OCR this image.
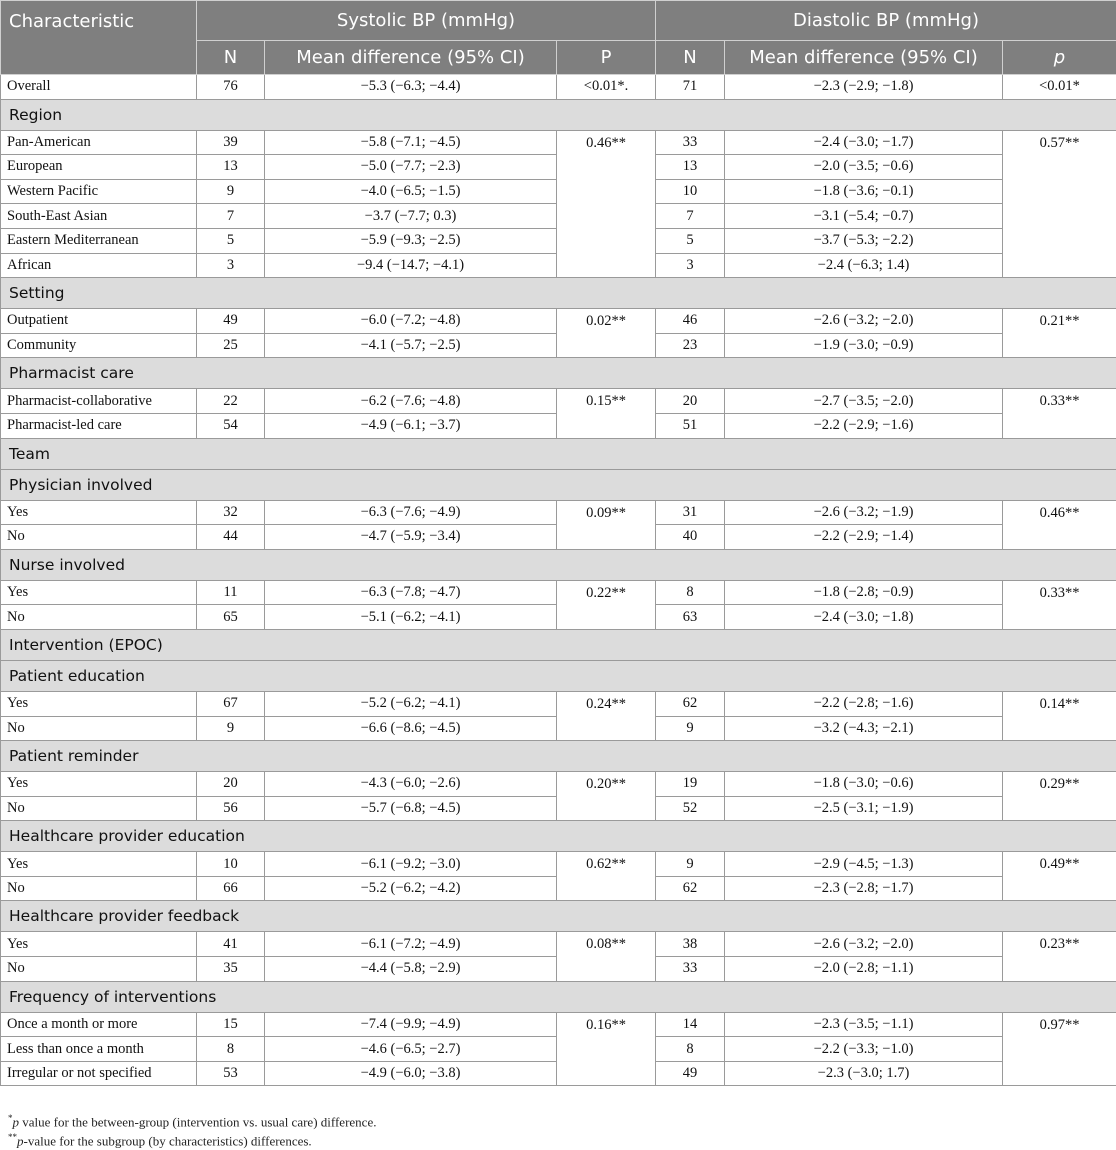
Characteristic	Systolic BP (mmHg)			Diastolic BP (mmHg)		
	N	Mean difference (95% CI)	P	N	Mean difference (95% CI)	p
Overall	76	−5.3 (−6.3; −4.4)	<0.01*.	71	−2.3 (−2.9; −1.8)	<0.01*
Region						
Pan-American	39	−5.8 (−7.1; −4.5)	0.46**	33	−2.4 (−3.0; −1.7)	0.57**
European	13	−5.0 (−7.7; −2.3)		13	−2.0 (−3.5; −0.6)	
Western Pacific	9	−4.0 (−6.5; −1.5)		10	−1.8 (−3.6; −0.1)	
South-East Asian	7	−3.7 (−7.7; 0.3)		7	−3.1 (−5.4; −0.7)	
Eastern Mediterranean	5	−5.9 (−9.3; −2.5)		5	−3.7 (−5.3; −2.2)	
African	3	−9.4 (−14.7; −4.1)		3	−2.4 (−6.3; 1.4)	
Setting						
Outpatient	49	−6.0 (−7.2; −4.8)	0.02**	46	−2.6 (−3.2; −2.0)	0.21**
Community	25	−4.1 (−5.7; −2.5)		23	−1.9 (−3.0; −0.9)	
Pharmacist care						
Pharmacist-collaborative	22	−6.2 (−7.6; −4.8)	0.15**	20	−2.7 (−3.5; −2.0)	0.33**
Pharmacist-led care	54	−4.9 (−6.1; −3.7)		51	−2.2 (−2.9; −1.6)	
Team						
Physician involved						
Yes	32	−6.3 (−7.6; −4.9)	0.09**	31	−2.6 (−3.2; −1.9)	0.46**
No	44	−4.7 (−5.9; −3.4)		40	−2.2 (−2.9; −1.4)	
Nurse involved						
Yes	11	−6.3 (−7.8; −4.7)	0.22**	8	−1.8 (−2.8; −0.9)	0.33**
No	65	−5.1 (−6.2; −4.1)		63	−2.4 (−3.0; −1.8)	
Intervention (EPOC)						
Patient education						
Yes	67	−5.2 (−6.2; −4.1)	0.24**	62	−2.2 (−2.8; −1.6)	0.14**
No	9	−6.6 (−8.6; −4.5)		9	−3.2 (−4.3; −2.1)	
Patient reminder						
Yes	20	−4.3 (−6.0; −2.6)	0.20**	19	−1.8 (−3.0; −0.6)	0.29**
No	56	−5.7 (−6.8; −4.5)		52	−2.5 (−3.1; −1.9)	
Healthcare provider education						
Yes	10	−6.1 (−9.2; −3.0)	0.62**	9	−2.9 (−4.5; −1.3)	0.49**
No	66	−5.2 (−6.2; −4.2)		62	−2.3 (−2.8; −1.7)	
Healthcare provider feedback						
Yes	41	−6.1 (−7.2; −4.9)	0.08**	38	−2.6 (−3.2; −2.0)	0.23**
No	35	−4.4 (−5.8; −2.9)		33	−2.0 (−2.8; −1.1)	
Frequency of interventions						
Once a month or more	15	−7.4 (−9.9; −4.9)	0.16**	14	−2.3 (−3.5; −1.1)	0.97**
Less than once a month	8	−4.6 (−6.5; −2.7)		8	−2.2 (−3.3; −1.0)	
Irregular or not specified	53	−4.9 (−6.0; −3.8)		49	−2.3 (−3.0; 1.7)	
*p value for the between-group (intervention vs. usual care) difference.
**p-value for the subgroup (by characteristics) differences.
